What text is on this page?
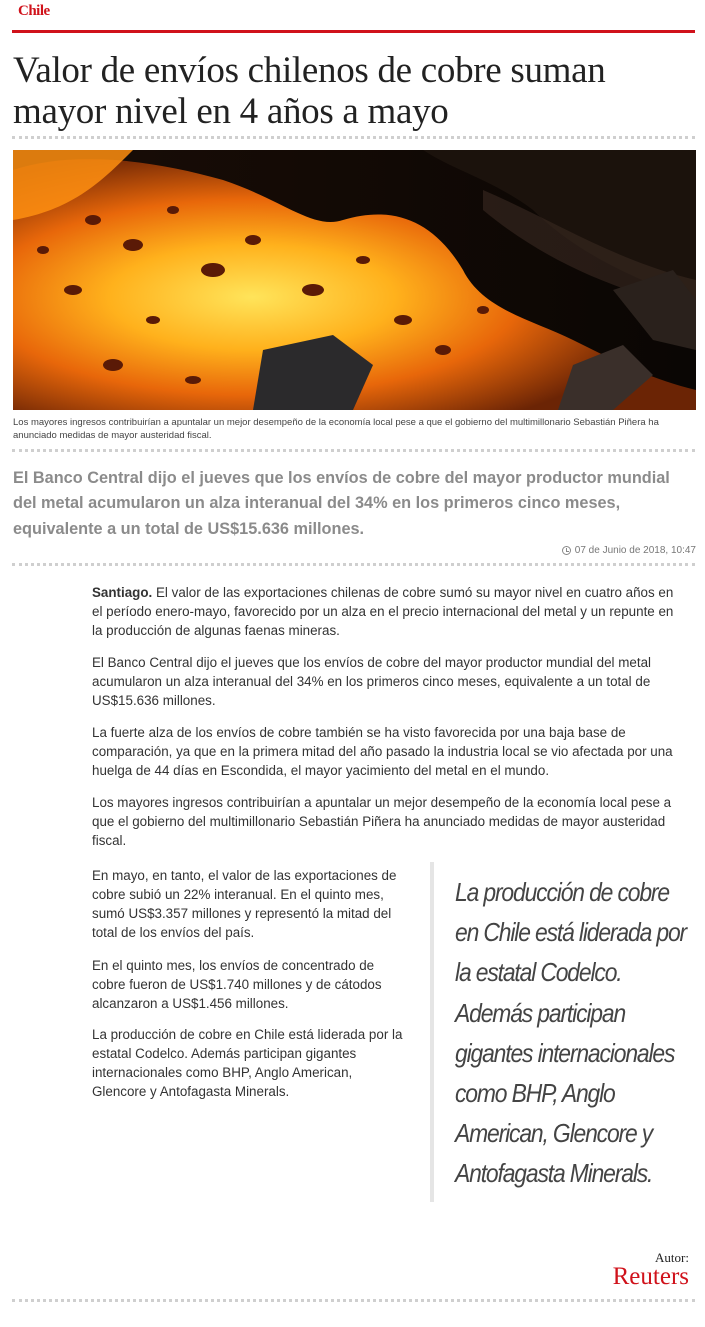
Chile
Valor de envíos chilenos de cobre suman mayor nivel en 4 años a mayo

Los mayores ingresos contribuirían a apuntalar un mejor desempeño de la economía local pese a que el gobierno del multimillonario Sebastián Piñera ha anunciado medidas de mayor austeridad fiscal.

El Banco Central dijo el jueves que los envíos de cobre del mayor productor mundial del metal acumularon un alza interanual del 34% en los primeros cinco meses, equivalente a un total de US$15.636 millones.

07 de Junio de 2018, 10:47

Santiago. El valor de las exportaciones chilenas de cobre sumó su mayor nivel en cuatro años en el período enero-mayo, favorecido por un alza en el precio internacional del metal y un repunte en la producción de algunas faenas mineras.

El Banco Central dijo el jueves que los envíos de cobre del mayor productor mundial del metal acumularon un alza interanual del 34% en los primeros cinco meses, equivalente a un total de US$15.636 millones.

La fuerte alza de los envíos de cobre también se ha visto favorecida por una baja base de comparación, ya que en la primera mitad del año pasado la industria local se vio afectada por una huelga de 44 días en Escondida, el mayor yacimiento del metal en el mundo.

Los mayores ingresos contribuirían a apuntalar un mejor desempeño de la economía local pese a que el gobierno del multimillonario Sebastián Piñera ha anunciado medidas de mayor austeridad fiscal.

En mayo, en tanto, el valor de las exportaciones de cobre subió un 22% interanual. En el quinto mes, sumó US$3.357 millones y representó la mitad del total de los envíos del país.

En el quinto mes, los envíos de concentrado de cobre fueron de US$1.740 millones y de cátodos alcanzaron a US$1.456 millones.

La producción de cobre en Chile está liderada por la estatal Codelco. Además participan gigantes internacionales como BHP, Anglo American, Glencore y Antofagasta Minerals.

La producción de cobre en Chile está liderada por la estatal Codelco. Además participan gigantes internacionales como BHP, Anglo American, Glencore y Antofagasta Minerals.

Autor:
Reuters
